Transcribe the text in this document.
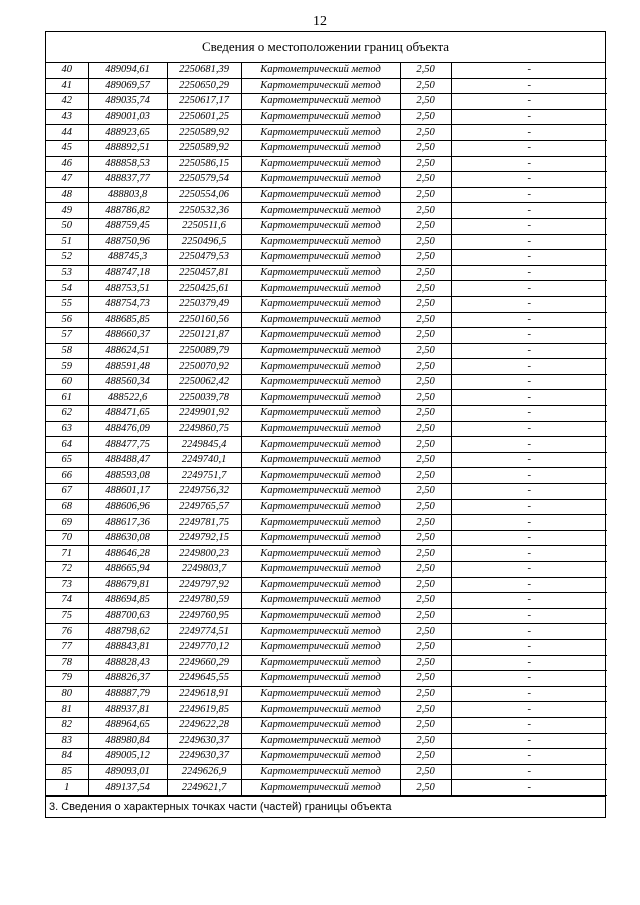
12
Сведения о местоположении границ объекта
40	489094,61	2250681,39	Картометрический метод	2,50	-
41	489069,57	2250650,29	Картометрический метод	2,50	-
42	489035,74	2250617,17	Картометрический метод	2,50	-
43	489001,03	2250601,25	Картометрический метод	2,50	-
44	488923,65	2250589,92	Картометрический метод	2,50	-
45	488892,51	2250589,92	Картометрический метод	2,50	-
46	488858,53	2250586,15	Картометрический метод	2,50	-
47	488837,77	2250579,54	Картометрический метод	2,50	-
48	488803,8	2250554,06	Картометрический метод	2,50	-
49	488786,82	2250532,36	Картометрический метод	2,50	-
50	488759,45	2250511,6	Картометрический метод	2,50	-
51	488750,96	2250496,5	Картометрический метод	2,50	-
52	488745,3	2250479,53	Картометрический метод	2,50	-
53	488747,18	2250457,81	Картометрический метод	2,50	-
54	488753,51	2250425,61	Картометрический метод	2,50	-
55	488754,73	2250379,49	Картометрический метод	2,50	-
56	488685,85	2250160,56	Картометрический метод	2,50	-
57	488660,37	2250121,87	Картометрический метод	2,50	-
58	488624,51	2250089,79	Картометрический метод	2,50	-
59	488591,48	2250070,92	Картометрический метод	2,50	-
60	488560,34	2250062,42	Картометрический метод	2,50	-
61	488522,6	2250039,78	Картометрический метод	2,50	-
62	488471,65	2249901,92	Картометрический метод	2,50	-
63	488476,09	2249860,75	Картометрический метод	2,50	-
64	488477,75	2249845,4	Картометрический метод	2,50	-
65	488488,47	2249740,1	Картометрический метод	2,50	-
66	488593,08	2249751,7	Картометрический метод	2,50	-
67	488601,17	2249756,32	Картометрический метод	2,50	-
68	488606,96	2249765,57	Картометрический метод	2,50	-
69	488617,36	2249781,75	Картометрический метод	2,50	-
70	488630,08	2249792,15	Картометрический метод	2,50	-
71	488646,28	2249800,23	Картометрический метод	2,50	-
72	488665,94	2249803,7	Картометрический метод	2,50	-
73	488679,81	2249797,92	Картометрический метод	2,50	-
74	488694,85	2249780,59	Картометрический метод	2,50	-
75	488700,63	2249760,95	Картометрический метод	2,50	-
76	488798,62	2249774,51	Картометрический метод	2,50	-
77	488843,81	2249770,12	Картометрический метод	2,50	-
78	488828,43	2249660,29	Картометрический метод	2,50	-
79	488826,37	2249645,55	Картометрический метод	2,50	-
80	488887,79	2249618,91	Картометрический метод	2,50	-
81	488937,81	2249619,85	Картометрический метод	2,50	-
82	488964,65	2249622,28	Картометрический метод	2,50	-
83	488980,84	2249630,37	Картометрический метод	2,50	-
84	489005,12	2249630,37	Картометрический метод	2,50	-
85	489093,01	2249626,9	Картометрический метод	2,50	-
1	489137,54	2249621,7	Картометрический метод	2,50	-
3. Сведения о характерных точках части (частей) границы объекта
